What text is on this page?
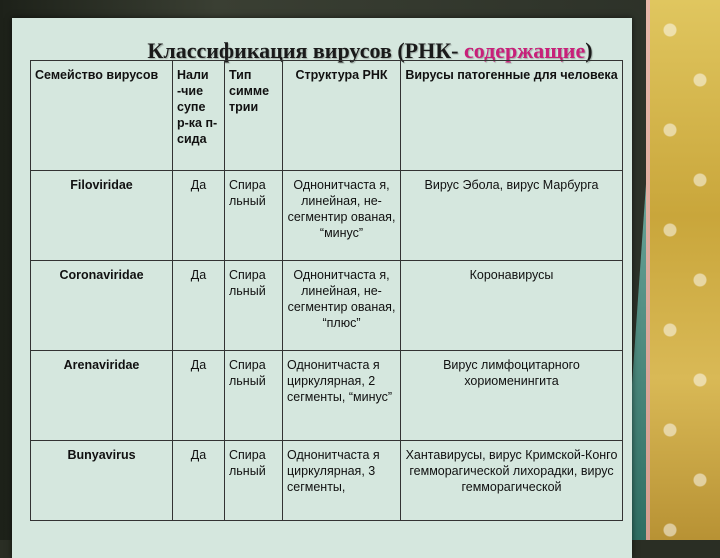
Классификация вирусов (РНК- содержащие)
Семейство вирусов	Нали -чие супе р-ка п-сида	Тип симме трии	Структура РНК	Вирусы патогенные для человека
Filoviridae	Да	Спира льный	Однонитчаста я, линейная, не-сегментир ованая, “минус”	Вирус Эбола, вирус Марбурга
Coronaviridae	Да	Спира льный	Однонитчаста я, линейная, не-сегментир ованая, “плюс”	Коронавирусы
Arenaviridae	Да	Спира льный	Однонитчаста я циркулярная, 2 сегменты, “минус”	Вирус лимфоцитарного хориоменингита
Bunyavirus	Да	Спира льный	Однонитчаста я циркулярная, 3 сегменты,	Хантавирусы, вирус Кримской-Конго гемморагической лихорадки, вирус гемморагической
